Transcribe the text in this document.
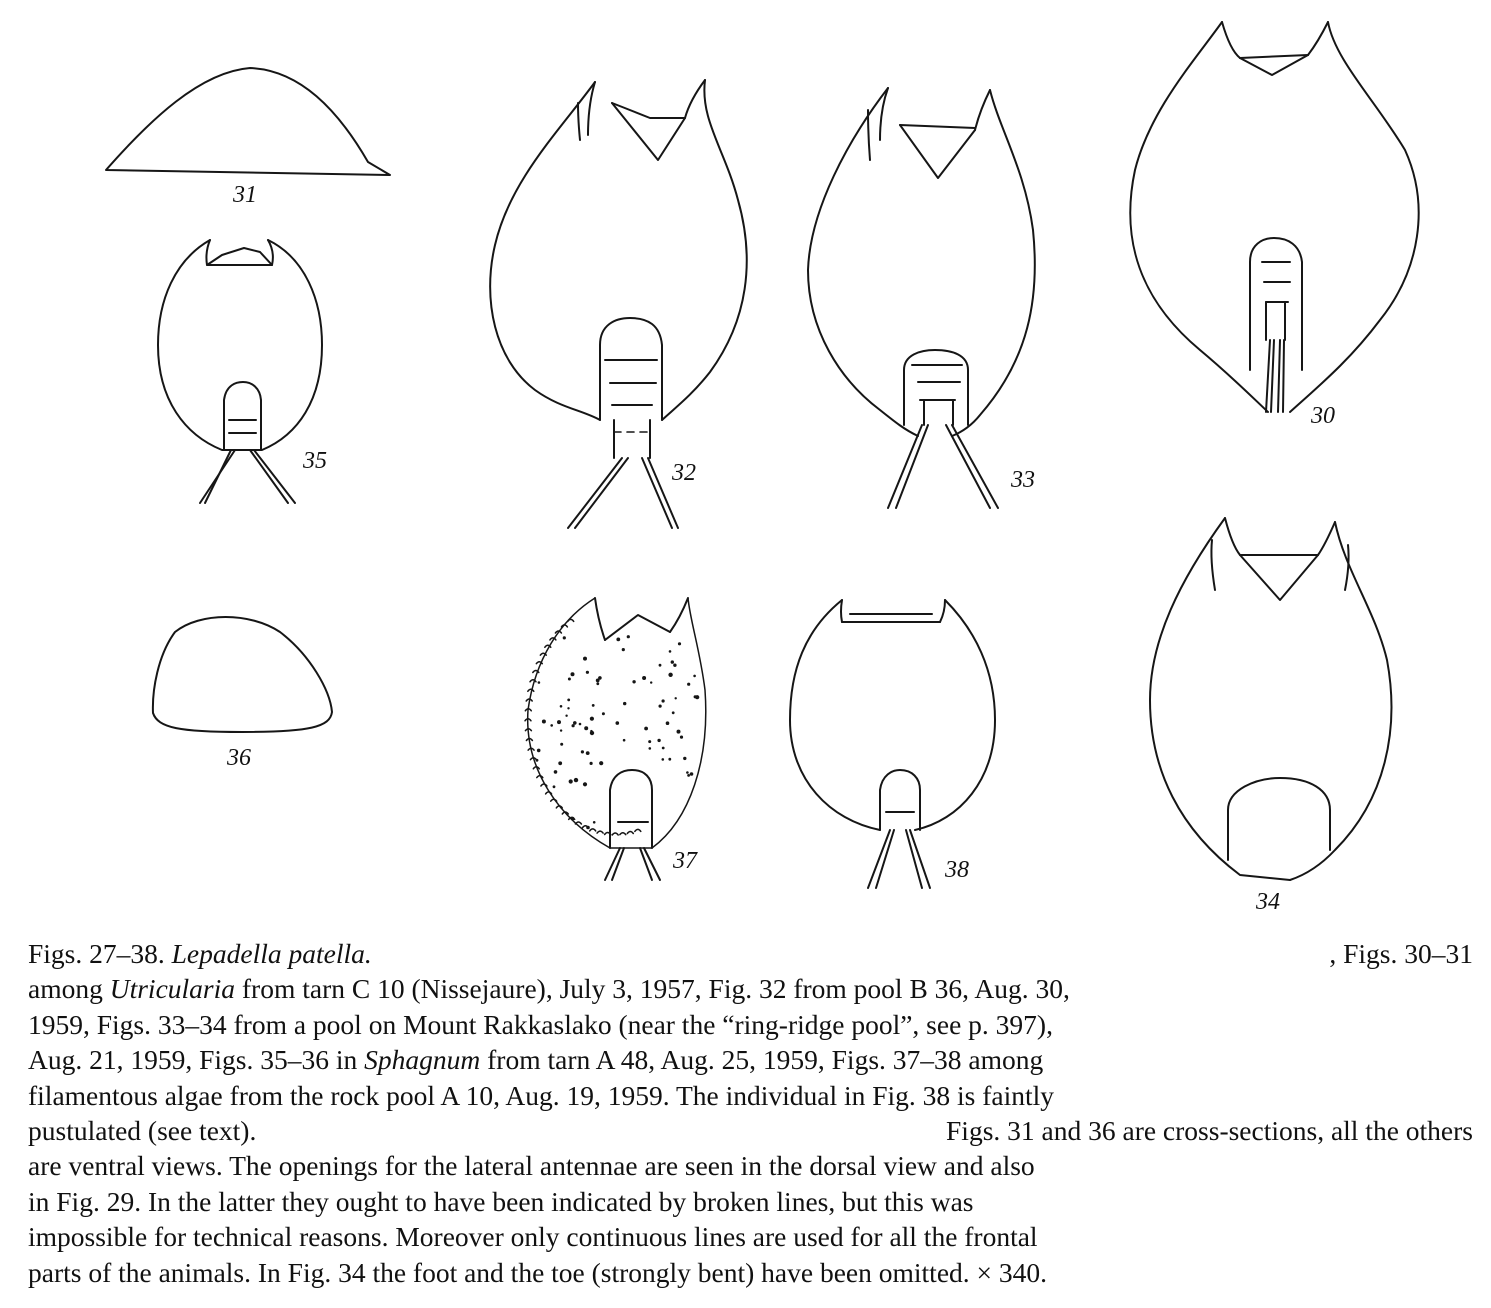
31
35
36
32	33
30
37	38
34
Figs. 27–38. Lepadella patella.	, Figs. 30–31
among Utricularia from tarn C 10 (Nissejaure), July 3, 1957, Fig. 32 from pool B 36, Aug. 30,
1959, Figs. 33–34 from a pool on Mount Rakkaslako (near the “ring-ridge pool”, see p. 397),
Aug. 21, 1959, Figs. 35–36 in Sphagnum from tarn A 48, Aug. 25, 1959, Figs. 37–38 among
filamentous algae from the rock pool A 10, Aug. 19, 1959. The individual in Fig. 38 is faintly
pustulated (see text).	Figs. 31 and 36 are cross-sections, all the others
are ventral views. The openings for the lateral antennae are seen in the dorsal view and also
in Fig. 29. In the latter they ought to have been indicated by broken lines, but this was
impossible for technical reasons. Moreover only continuous lines are used for all the frontal
parts of the animals. In Fig. 34 the foot and the toe (strongly bent) have been omitted. × 340.
